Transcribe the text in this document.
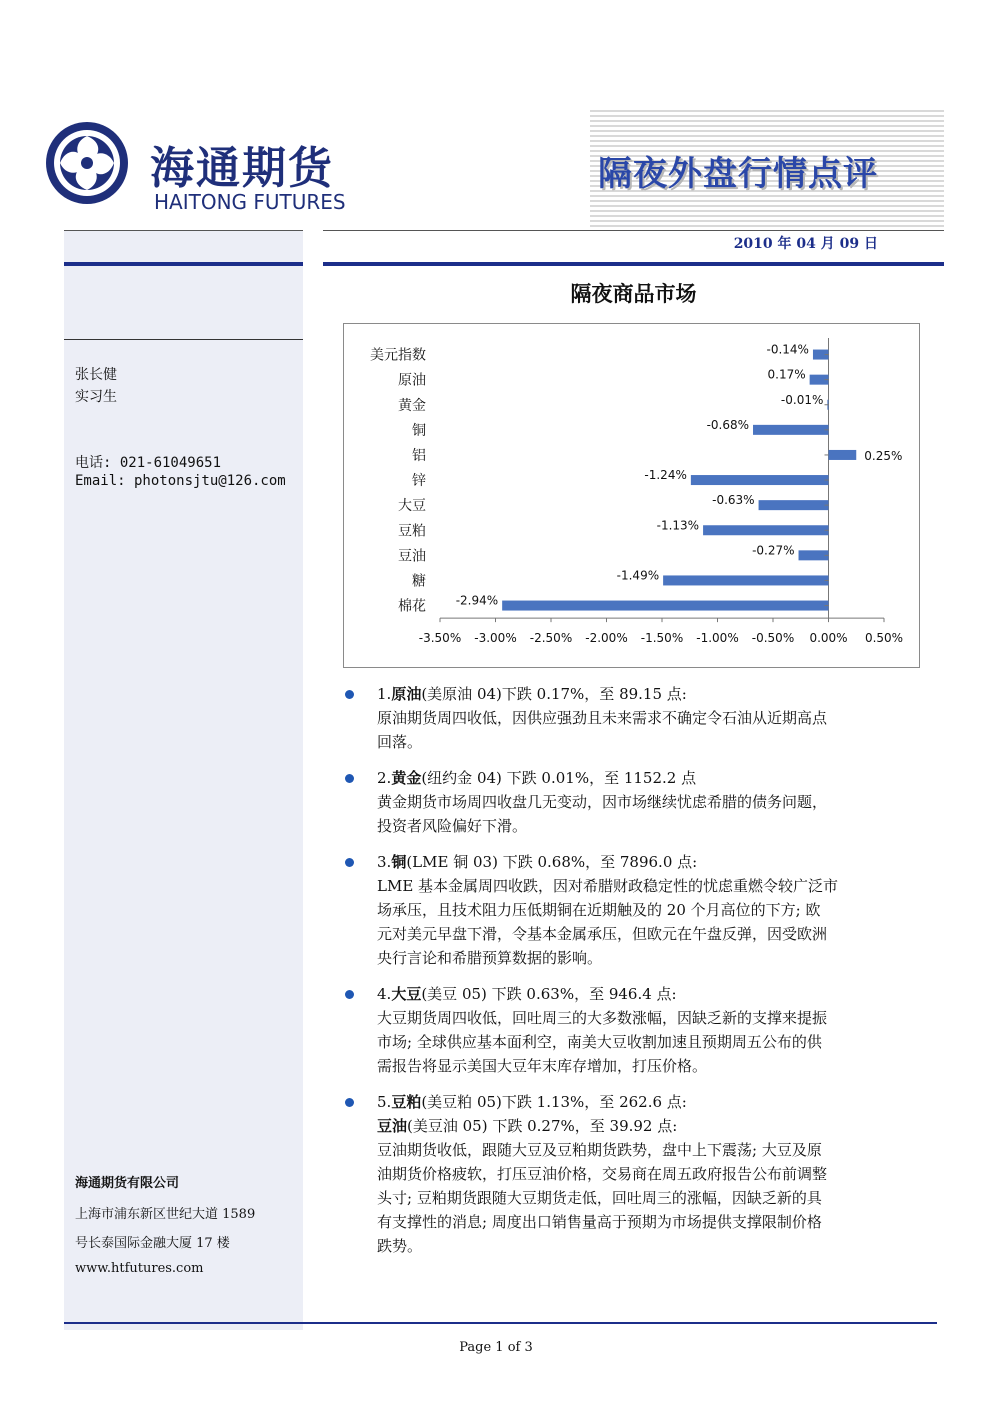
海通期货
HAITONG FUTURES
隔夜外盘行情点评
张长健
实习生
电话: 021-61049651
Email: photonsjtu@126.com
海通期货有限公司
上海市浦东新区世纪大道 1589
号长泰国际金融大厦 17 楼
www.htfutures.com
2010 年 04 月 09 日
隔夜商品市场
-3.50% -3.00% -2.50% -2.00% -1.50% -1.00% -0.50% 0.00% 0.50%
美元指数	-0.14%
原油	0.17%
黄金	-0.01%
铜	-0.68%
铝	0.25%
锌	-1.24%
大豆	-0.63%
豆粕	-1.13%
豆油	-0.27%
糖	-1.49%
棉花 -2.94%
1.原油(美原油 04)下跌 0.17%，至 89.15 点:
原油期货周四收低，因供应强劲且未来需求不确定令石油从近期高点
回落。
2.黄金(纽约金 04) 下跌 0.01%，至 1152.2 点
黄金期货市场周四收盘几无变动，因市场继续忧虑希腊的债务问题，
投资者风险偏好下滑。
3.铜(LME 铜 03) 下跌 0.68%，至 7896.0 点:
LME 基本金属周四收跌，因对希腊财政稳定性的忧虑重燃令较广泛市
场承压，且技术阻力压低期铜在近期触及的 20 个月高位的下方; 欧
元对美元早盘下滑，令基本金属承压，但欧元在午盘反弹，因受欧洲
央行言论和希腊预算数据的影响。
4.大豆(美豆 05) 下跌 0.63%，至 946.4 点:
大豆期货周四收低，回吐周三的大多数涨幅，因缺乏新的支撑来提振
市场; 全球供应基本面利空，南美大豆收割加速且预期周五公布的供
需报告将显示美国大豆年末库存增加，打压价格。
5.豆粕(美豆粕 05)下跌 1.13%，至 262.6 点:
豆油(美豆油 05) 下跌 0.27%，至 39.92 点:
豆油期货收低，跟随大豆及豆粕期货跌势，盘中上下震荡; 大豆及原
油期货价格疲软，打压豆油价格，交易商在周五政府报告公布前调整
头寸; 豆粕期货跟随大豆期货走低，回吐周三的涨幅，因缺乏新的具
有支撑性的消息; 周度出口销售量高于预期为市场提供支撑限制价格
跌势。
Page 1 of 3
